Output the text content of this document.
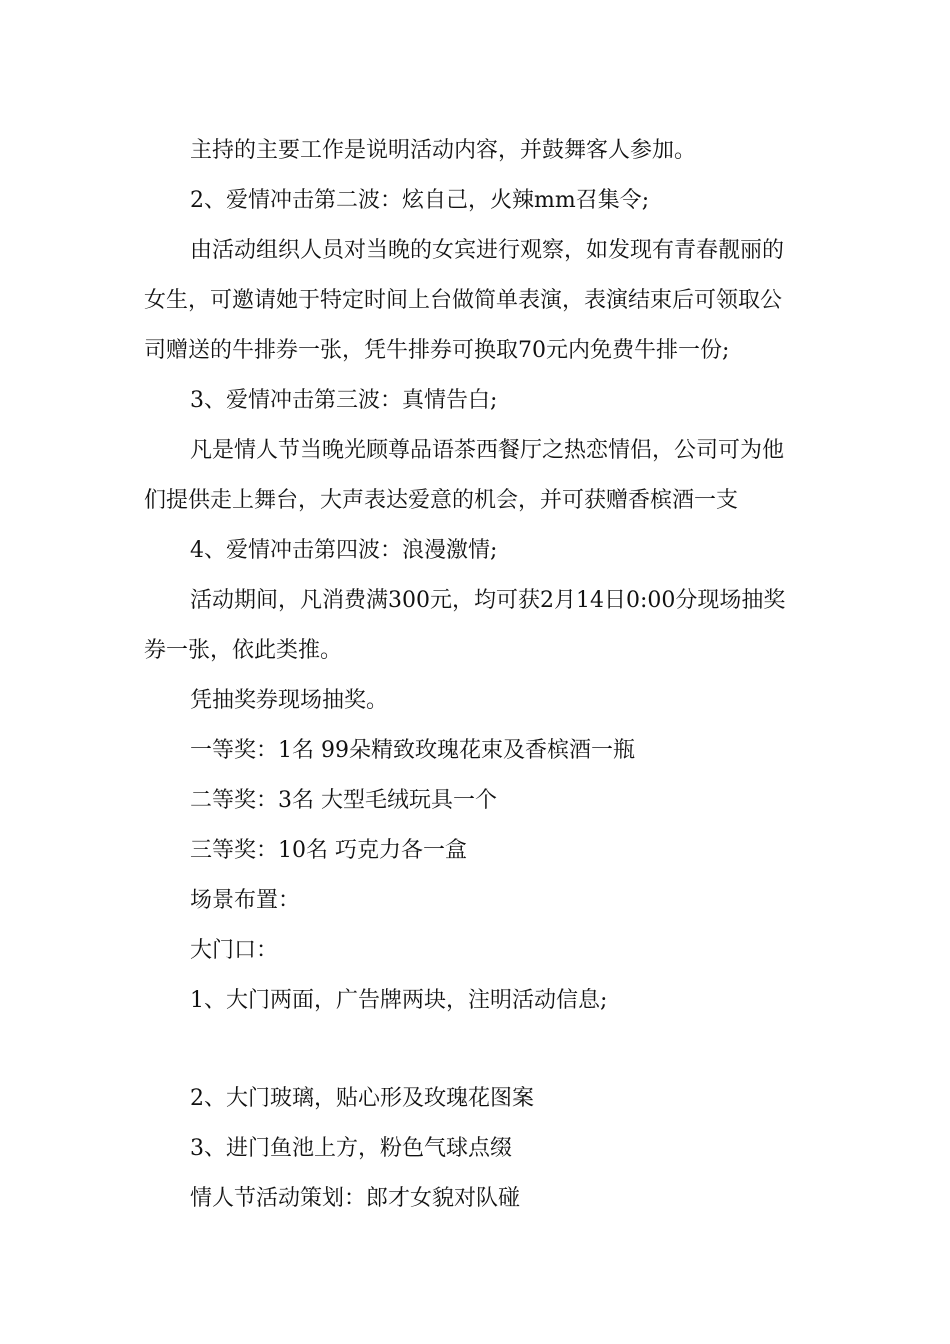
主持的主要工作是说明活动内容，并鼓舞客人参加。

2、爱情冲击第二波：炫自己，火辣mm召集令;

由活动组织人员对当晚的女宾进行观察，如发现有青春靓丽的

女生，可邀请她于特定时间上台做简单表演，表演结束后可领取公

司赠送的牛排券一张，凭牛排券可换取70元内免费牛排一份;

3、爱情冲击第三波：真情告白;

凡是情人节当晚光顾尊品语茶西餐厅之热恋情侣，公司可为他

们提供走上舞台，大声表达爱意的机会，并可获赠香槟酒一支

4、爱情冲击第四波：浪漫激情;

活动期间，凡消费满300元，均可获2月14日0:00分现场抽奖

券一张，依此类推。

凭抽奖券现场抽奖。

一等奖：1名 99朵精致玫瑰花束及香槟酒一瓶

二等奖：3名 大型毛绒玩具一个

三等奖：10名 巧克力各一盒

场景布置：

大门口：

1、大门两面，广告牌两块，注明活动信息;

2、大门玻璃，贴心形及玫瑰花图案

3、进门鱼池上方，粉色气球点缀

情人节活动策划：郎才女貌对队碰
